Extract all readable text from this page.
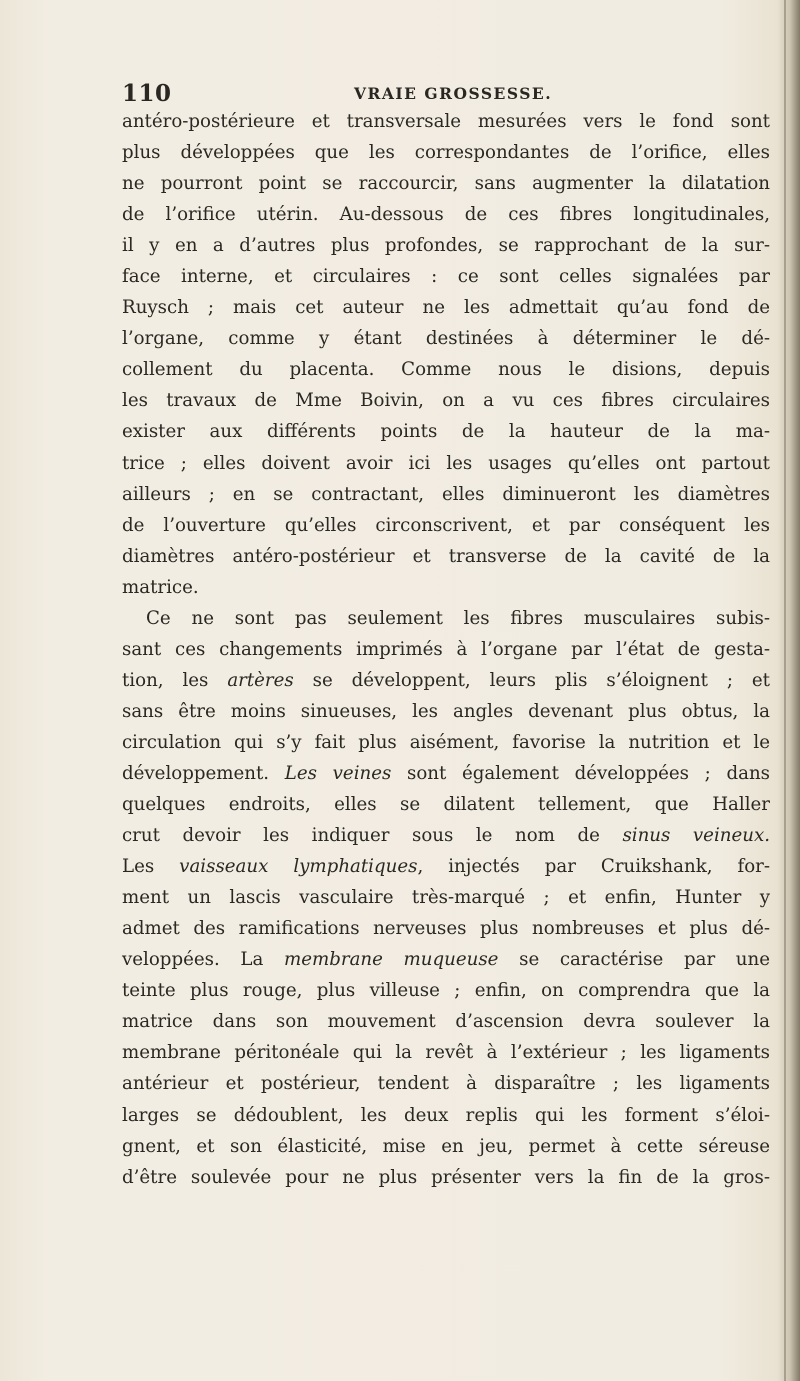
110	VRAIE GROSSESSE.
antéro-postérieure et transversale mesurées vers le fond sont
plus développées que les correspondantes de l’orifice, elles
ne pourront point se raccourcir, sans augmenter la dilatation
de l’orifice utérin. Au-dessous de ces fibres longitudinales,
il y en a d’autres plus profondes, se rapprochant de la sur-
face interne, et circulaires : ce sont celles signalées par
Ruysch ; mais cet auteur ne les admettait qu’au fond de
l’organe, comme y étant destinées à déterminer le dé-
collement du placenta. Comme nous le disions, depuis
les travaux de Mme Boivin, on a vu ces fibres circulaires
exister aux différents points de la hauteur de la ma-
trice ; elles doivent avoir ici les usages qu’elles ont partout
ailleurs ; en se contractant, elles diminueront les diamètres
de l’ouverture qu’elles circonscrivent, et par conséquent les
diamètres antéro-postérieur et transverse de la cavité de la
matrice.
Ce ne sont pas seulement les fibres musculaires subis-
sant ces changements imprimés à l’organe par l’état de gesta-
tion, les artères se développent, leurs plis s’éloignent ; et
sans être moins sinueuses, les angles devenant plus obtus, la
circulation qui s’y fait plus aisément, favorise la nutrition et le
développement. Les veines sont également développées ; dans
quelques endroits, elles se dilatent tellement, que Haller
crut devoir les indiquer sous le nom de sinus veineux.
Les vaisseaux lymphatiques, injectés par Cruikshank, for-
ment un lascis vasculaire très-marqué ; et enfin, Hunter y
admet des ramifications nerveuses plus nombreuses et plus dé-
veloppées. La membrane muqueuse se caractérise par une
teinte plus rouge, plus villeuse ; enfin, on comprendra que la
matrice dans son mouvement d’ascension devra soulever la
membrane péritonéale qui la revêt à l’extérieur ; les ligaments
antérieur et postérieur, tendent à disparaître ; les ligaments
larges se dédoublent, les deux replis qui les forment s’éloi-
gnent, et son élasticité, mise en jeu, permet à cette séreuse
d’être soulevée pour ne plus présenter vers la fin de la gros-
